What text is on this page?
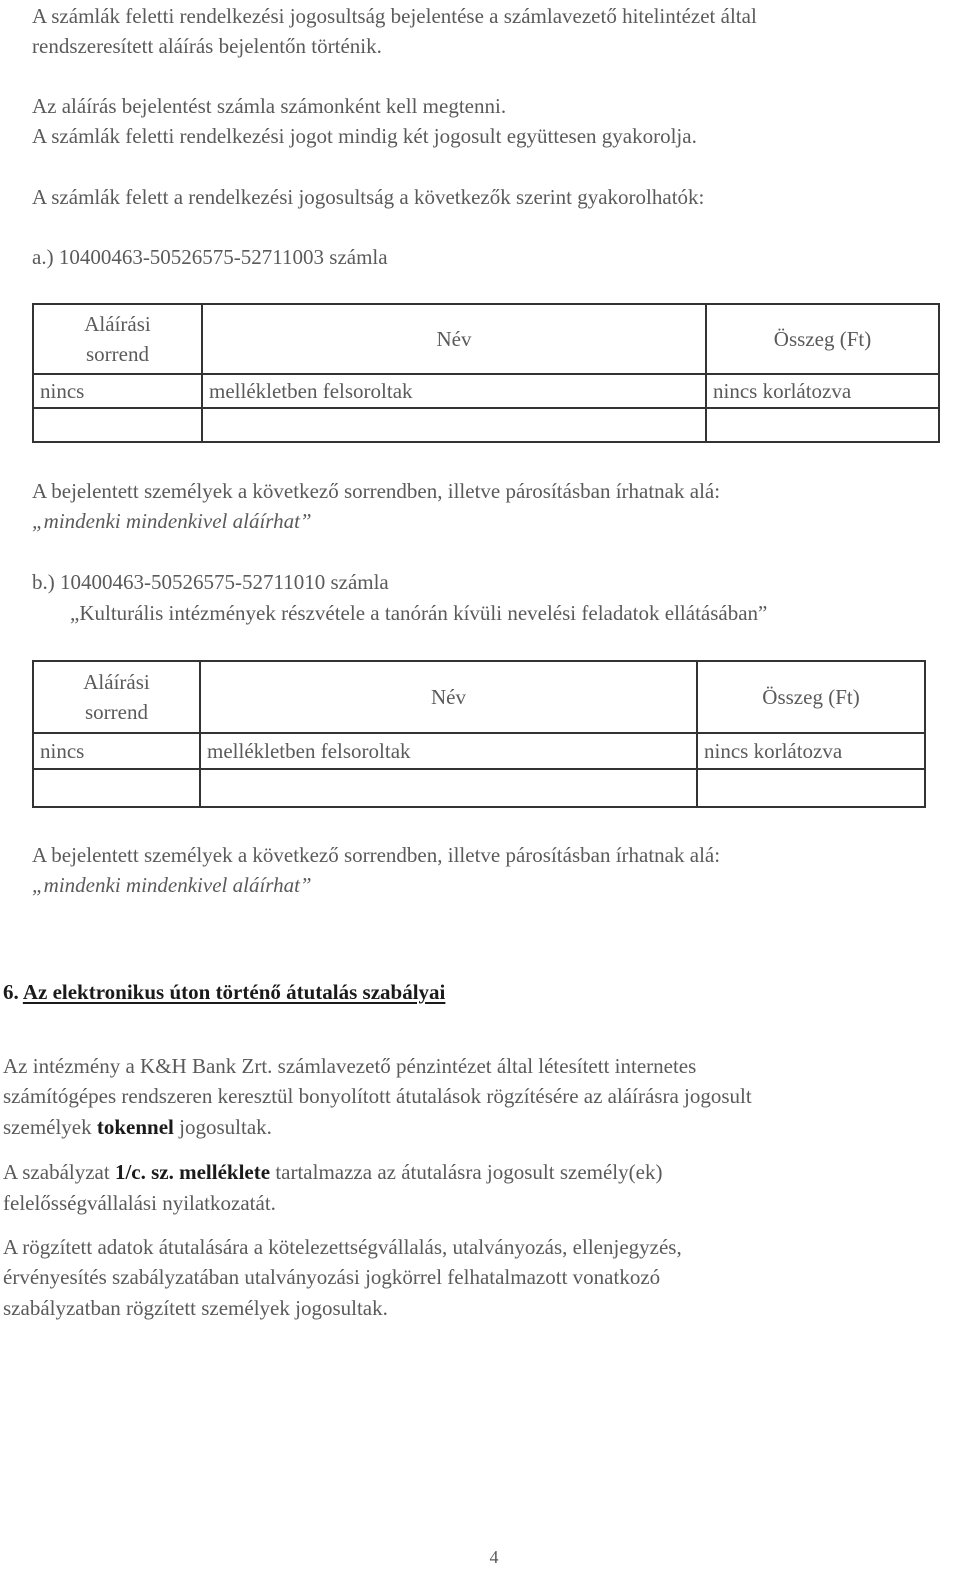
A számlák feletti rendelkezési jogosultság bejelentése a számlavezető hitelintézet által
rendszeresített aláírás bejelentőn történik.
Az aláírás bejelentést számla számonként kell megtenni.
A számlák feletti rendelkezési jogot mindig két jogosult együttesen gyakorolja.
A számlák felett a rendelkezési jogosultság a következők szerint gyakorolhatók:
a.) 10400463-50526575-52711003 számla
Aláírási
sorrend	Név	Összeg (Ft)
nincs	mellékletben felsoroltak	nincs korlátozva

A bejelentett személyek a következő sorrendben, illetve párosításban írhatnak alá:
„mindenki mindenkivel aláírhat”
b.) 10400463-50526575-52711010 számla
„Kulturális intézmények részvétele a tanórán kívüli nevelési feladatok ellátásában”
Aláírási
sorrend	Név	Összeg (Ft)
nincs	mellékletben felsoroltak	nincs korlátozva

A bejelentett személyek a következő sorrendben, illetve párosításban írhatnak alá:
„mindenki mindenkivel aláírhat”
6. Az elektronikus úton történő átutalás szabályai
Az intézmény a K&H Bank Zrt. számlavezető pénzintézet által létesített internetes
számítógépes rendszeren keresztül bonyolított átutalások rögzítésére az aláírásra jogosult
személyek tokennel jogosultak.
A szabályzat 1/c. sz. melléklete tartalmazza az átutalásra jogosult személy(ek)
felelősségvállalási nyilatkozatát.
A rögzített adatok átutalására a kötelezettségvállalás, utalványozás, ellenjegyzés,
érvényesítés szabályzatában utalványozási jogkörrel felhatalmazott vonatkozó
szabályzatban rögzített személyek jogosultak.
4
